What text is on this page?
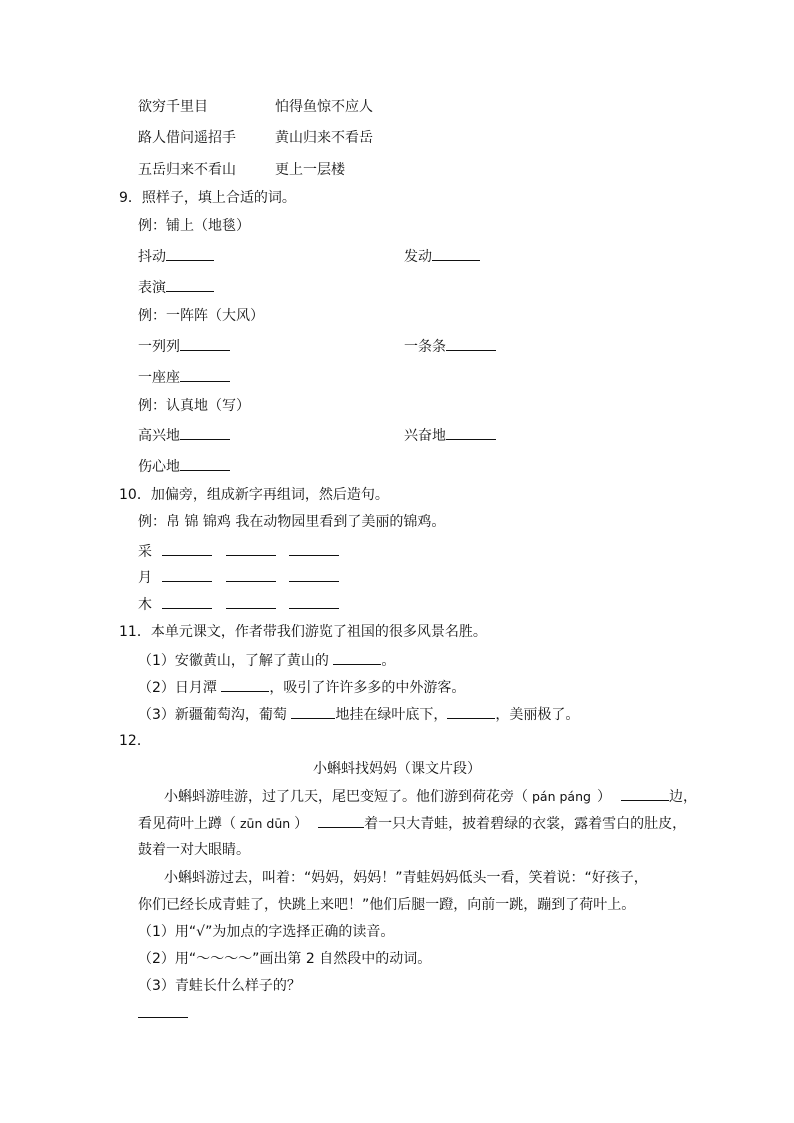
欲穷千里目	怕得鱼惊不应人
路人借问遥招手	黄山归来不看岳
五岳归来不看山	更上一层楼
9．照样子，填上合适的词。
例：铺上（地毯）
抖动	发动
表演
例：一阵阵（大风）
一列列	一条条
一座座
例：认真地（写）
高兴地	兴奋地
伤心地
10．加偏旁，组成新字再组词，然后造句。
例：帛 锦 锦鸡 我在动物园里看到了美丽的锦鸡。
采
月
木
11．本单元课文，作者带我们游览了祖国的很多风景名胜。
（1）安徽黄山，了解了黄山的	。
（2）日月潭	，吸引了许许多多的中外游客。
（3）新疆葡萄沟，葡萄	地挂在绿叶底下，	，美丽极了。
12．
小蝌蚪找妈妈（课文片段）
小蝌蚪游哇游，过了几天，尾巴变短了。他们游到荷花旁（ pán páng ）	边，
看见荷叶上蹲（ zūn dūn ）	着一只大青蛙，披着碧绿的衣裳，露着雪白的肚皮，
鼓着一对大眼睛。
小蝌蚪游过去，叫着：“妈妈，妈妈！”青蛙妈妈低头一看，笑着说：“好孩子，
你们已经长成青蛙了，快跳上来吧！”他们后腿一蹬，向前一跳，蹦到了荷叶上。
（1）用“√”为加点的字选择正确的读音。
（2）用“～～～～”画出第 2 自然段中的动词。
（3）青蛙长什么样子的？
